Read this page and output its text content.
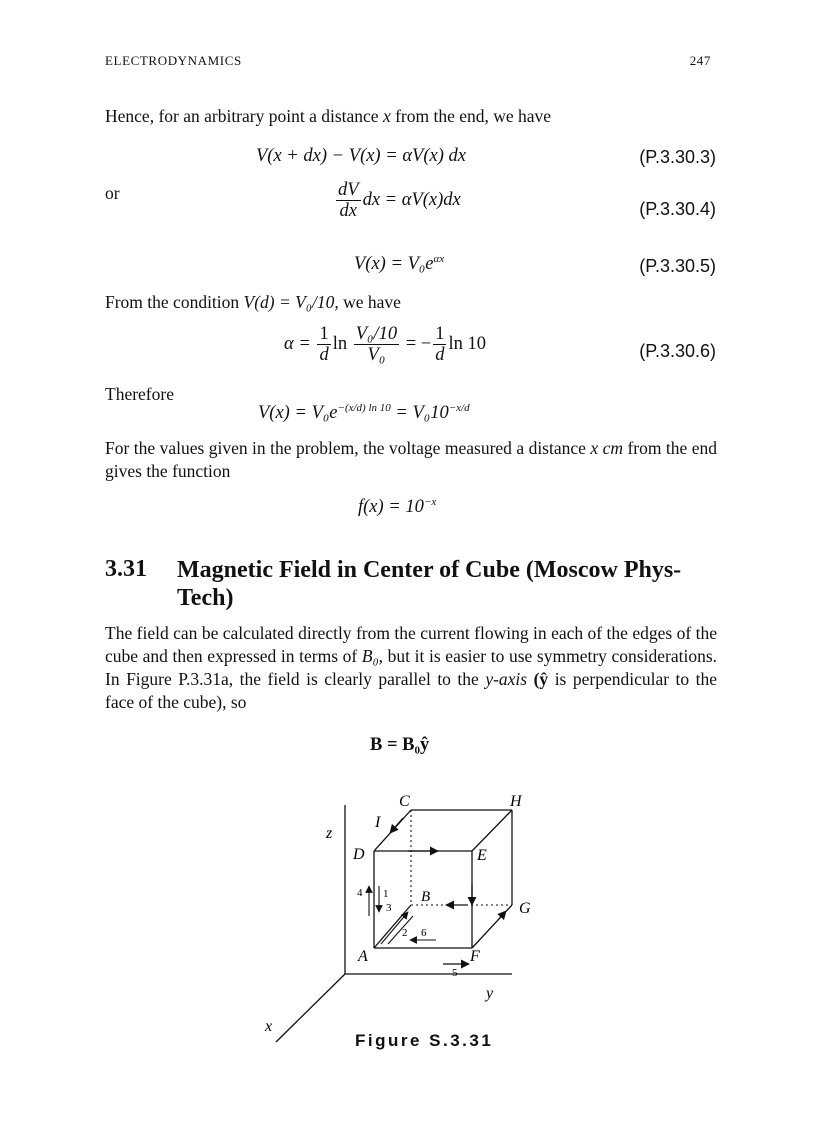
ELECTRODYNAMICS	247
Hence, for an arbitrary point a distance x from the end, we have
V(x + dx) − V(x) = αV(x) dx	(P.3.30.3)
or	$\frac{dV}{dx}$ dx = αV(x)dx	(P.3.30.4)
$V(x) = V_0e^{\alpha x}$	(P.3.30.5)
From the condition V(d) = V₀/10, we have
$\alpha = \frac{1}{d}$ $\ln \frac{\text{V₀/10}}{\text{V₀}}$ = − $\frac{1}{d}$ ln 10	(P.3.30.6)
Therefore
$V(x) = V_0e^{-(x/d) ln 10} = V_010^{-x/d}$
For the values given in the problem, the voltage measured a distance x cm from the end gives the function
$f(x) = 10^{-x}$
3.31 Magnetic Field in Center of Cube (Moscow Phys-Tech)
The field can be calculated directly from the current flowing in each of the edges of the cube and then expressed in terms of B₀, but it is easier to use symmetry considerations. In Figure P.3.31a, the field is clearly parallel to the y-axis (ŷ is perpendicular to the face of the cube), so
B = B₀ŷ
z
y
x
C	H
I
D	E
B
G
A	F
4 1
3
2 6
5
Figure S.3.31
